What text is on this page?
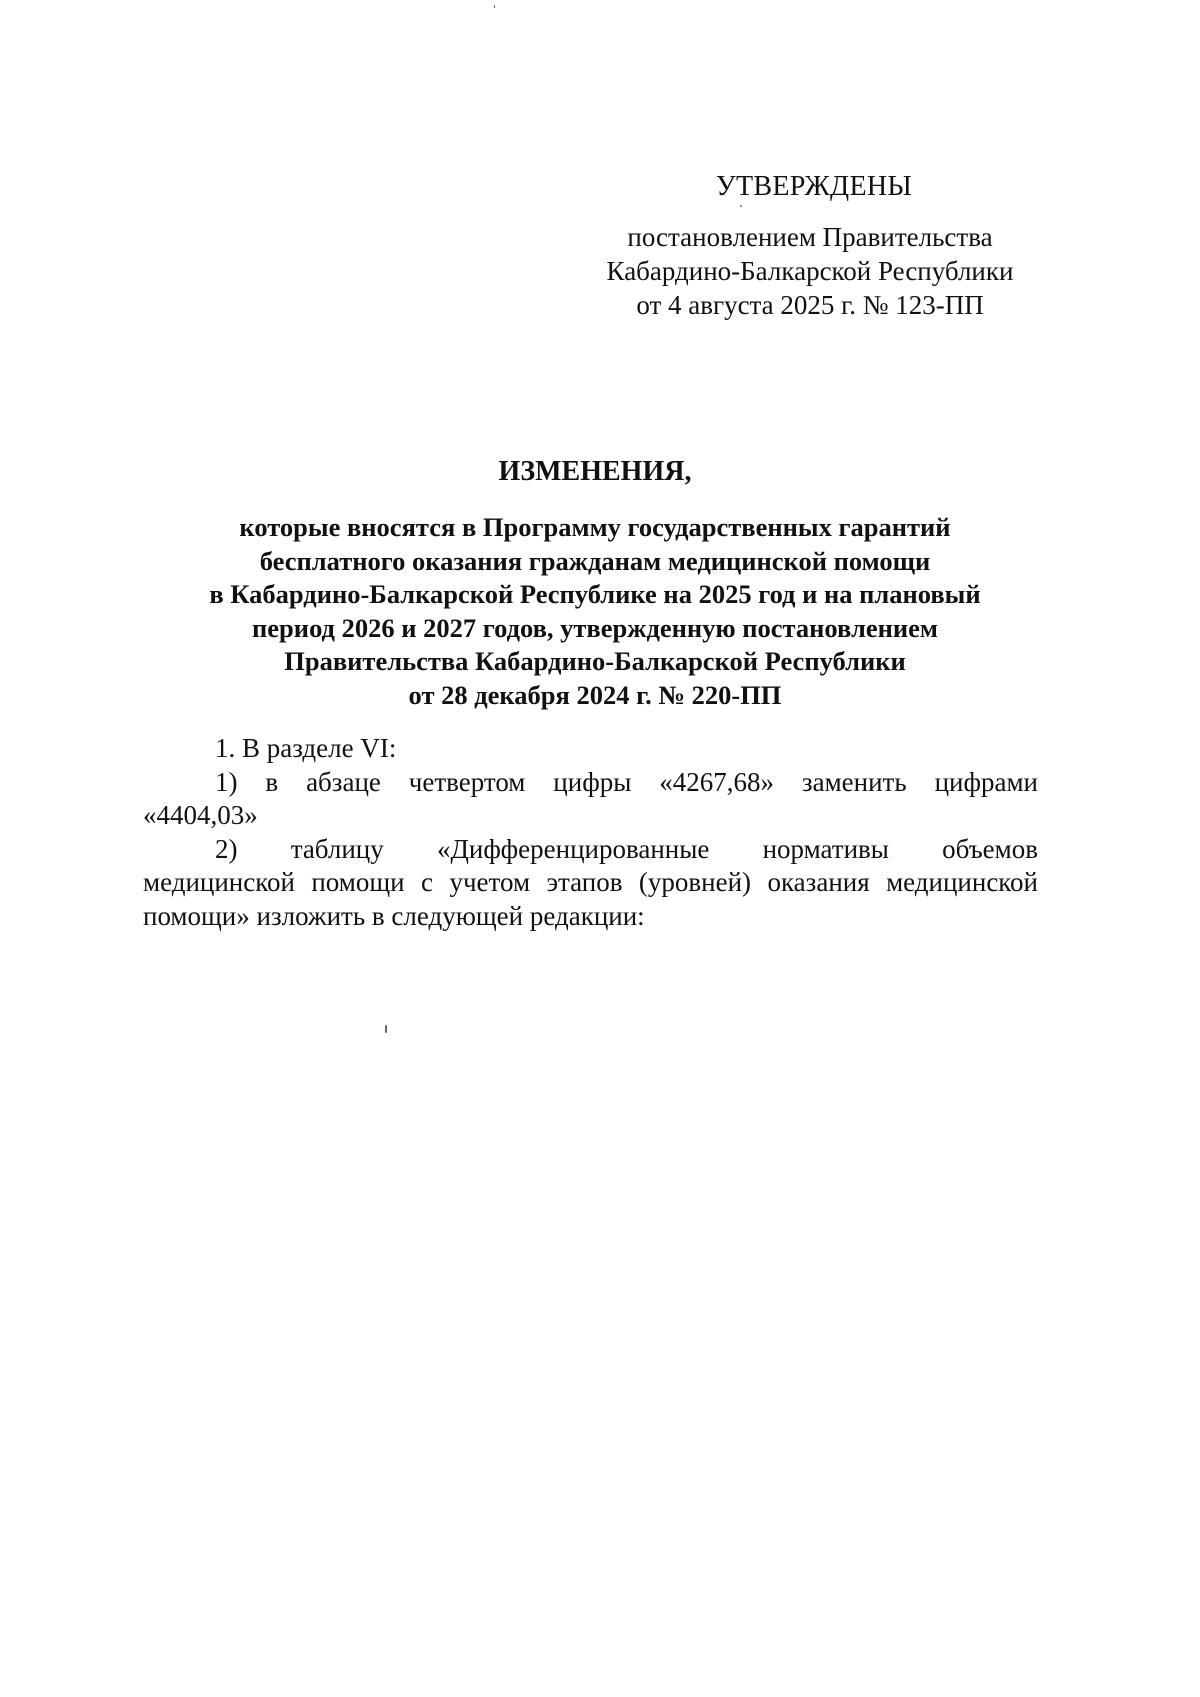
УТВЕРЖДЕНЫ
постановлением Правительства
Кабардино-Балкарской Республики
от 4 августа 2025 г. № 123-ПП
ИЗМЕНЕНИЯ,
которые вносятся в Программу государственных гарантий
бесплатного оказания гражданам медицинской помощи
в Кабардино-Балкарской Республике на 2025 год и на плановый
период 2026 и 2027 годов, утвержденную постановлением
Правительства Кабардино-Балкарской Республики
от 28 декабря 2024 г. № 220-ПП

1. В разделе VI:

1) в абзаце четвертом цифры «4267,68» заменить цифрами

«4404,03»

2) таблицу «Дифференцированные нормативы объемов

медицинской помощи с учетом этапов (уровней) оказания медицинской

помощи» изложить в следующей редакции:
